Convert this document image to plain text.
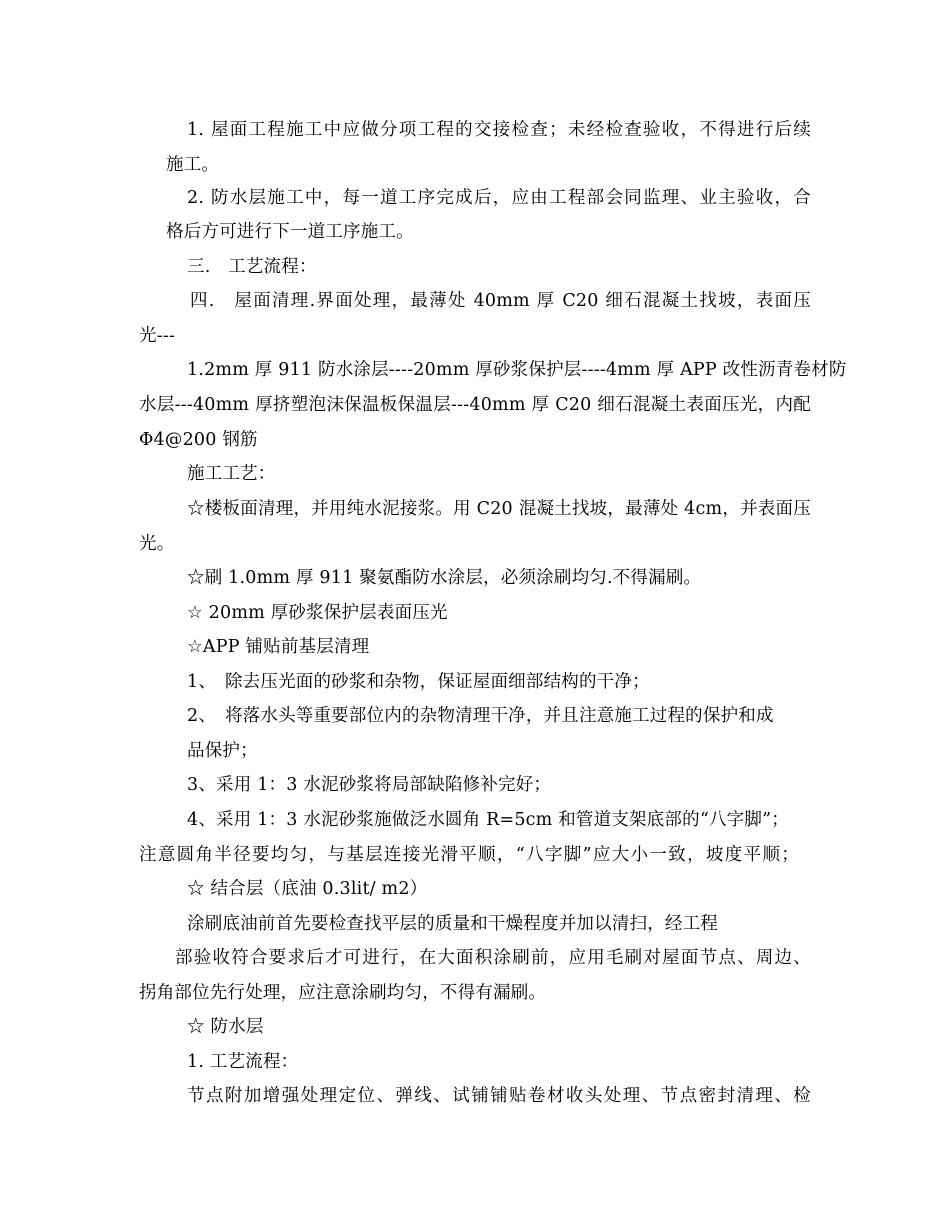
1. 屋面工程施工中应做分项工程的交接检查；未经检查验收，不得进行后续
施工。
2. 防水层施工中，每一道工序完成后，应由工程部会同监理、业主验收，合
格后方可进行下一道工序施工。
三.　工艺流程：
四.　屋面清理.界面处理，最薄处 40mm 厚 C20 细石混凝土找坡，表面压
光---
1.2mm 厚 911 防水涂层----20mm 厚砂浆保护层----4mm 厚 APP 改性沥青卷材防
水层---40mm 厚挤塑泡沫保温板保温层---40mm 厚 C20 细石混凝土表面压光，内配
Φ4@200 钢筋
施工工艺：
☆楼板面清理，并用纯水泥接浆。用 C20 混凝土找坡，最薄处 4cm，并表面压
光。
☆刷 1.0mm 厚 911 聚氨酯防水涂层，必须涂刷均匀.不得漏刷。
☆ 20mm 厚砂浆保护层表面压光
☆APP 铺贴前基层清理
1、　除去压光面的砂浆和杂物，保证屋面细部结构的干净；
2、　将落水头等重要部位内的杂物清理干净，并且注意施工过程的保护和成
品保护；
3、采用 1：3 水泥砂浆将局部缺陷修补完好；
4、采用 1：3 水泥砂浆施做泛水圆角 R=5cm 和管道支架底部的“八字脚”；
注意圆角半径要均匀，与基层连接光滑平顺，“八字脚”应大小一致，坡度平顺；
☆ 结合层（底油 0.3lit/ m2）
涂刷底油前首先要检查找平层的质量和干燥程度并加以清扫，经工程
部验收符合要求后才可进行，在大面积涂刷前，应用毛刷对屋面节点、周边、
拐角部位先行处理，应注意涂刷均匀，不得有漏刷。
☆ 防水层
1. 工艺流程：
节点附加增强处理定位、弹线、试铺铺贴卷材收头处理、节点密封清理、检
